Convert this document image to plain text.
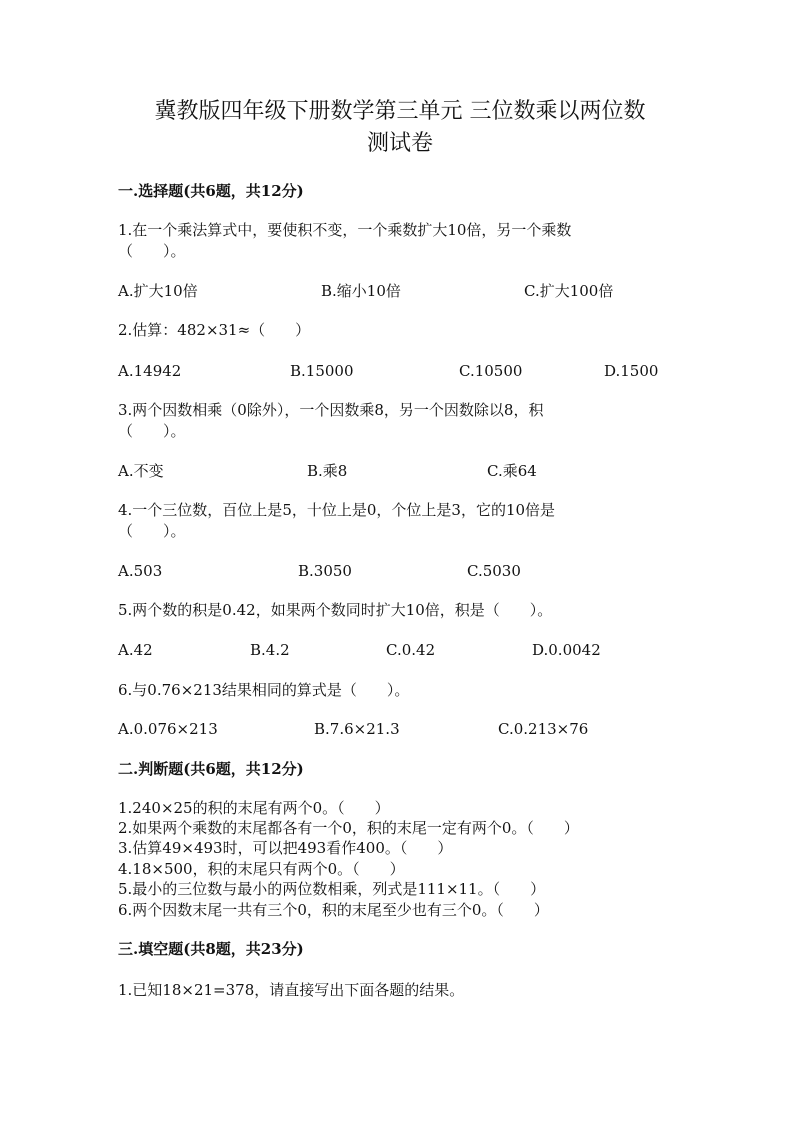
冀教版四年级下册数学第三单元 三位数乘以两位数
测试卷
一.选择题(共6题，共12分)
1.在一个乘法算式中，要使积不变，一个乘数扩大10倍，另一个乘数
（　　）。
A.扩大10倍	B.缩小10倍	C.扩大100倍
2.估算：482×31≈（　　）
A.14942	B.15000	C.10500	D.1500
3.两个因数相乘（0除外），一个因数乘8，另一个因数除以8，积
（　　）。
A.不变	B.乘8	C.乘64
4.一个三位数，百位上是5，十位上是0，个位上是3，它的10倍是
（　　）。
A.503	B.3050	C.5030
5.两个数的积是0.42，如果两个数同时扩大10倍，积是（　　）。
A.42	B.4.2	C.0.42	D.0.0042
6.与0.76×213结果相同的算式是（　　）。
A.0.076×213	B.7.6×21.3	C.0.213×76
二.判断题(共6题，共12分)
1.240×25的积的末尾有两个0。（　　）
2.如果两个乘数的末尾都各有一个0，积的末尾一定有两个0。（　　）
3.估算49×493时，可以把493看作400。（　　）
4.18×500，积的末尾只有两个0。（　　）
5.最小的三位数与最小的两位数相乘，列式是111×11。（　　）
6.两个因数末尾一共有三个0，积的末尾至少也有三个0。（　　）
三.填空题(共8题，共23分)
1.已知18×21=378，请直接写出下面各题的结果。
